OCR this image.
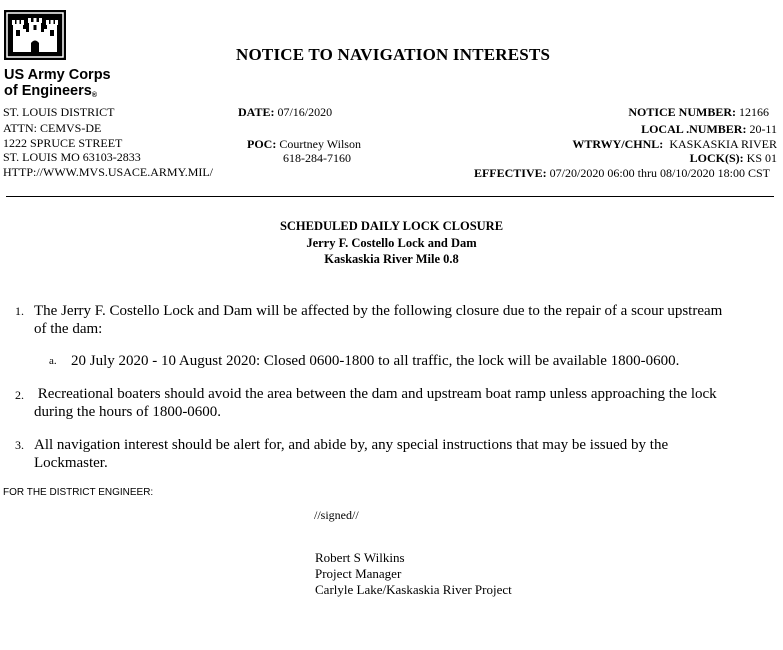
US Army Corps
of Engineers®
NOTICE TO NAVIGATION INTERESTS
ST. LOUIS DISTRICT
ATTN: CEMVS-DE
1222 SPRUCE STREET
ST. LOUIS MO 63103-2833
HTTP://WWW.MVS.USACE.ARMY.MIL/
DATE: 07/16/2020
POC: Courtney Wilson
618-284-7160
NOTICE NUMBER: 12166
LOCAL .NUMBER: 20-11
WTRWY/CHNL: KASKASKIA RIVER
LOCK(S): KS 01
EFFECTIVE: 07/20/2020 06:00 thru 08/10/2020 18:00 CST
SCHEDULED DAILY LOCK CLOSURE
Jerry F. Costello Lock and Dam
Kaskaskia River Mile 0.8
1. The Jerry F. Costello Lock and Dam will be affected by the following closure due to the repair of a scour upstream
of the dam:
a. 20 July 2020 - 10 August 2020: Closed 0600-1800 to all traffic, the lock will be available 1800-0600.
2. Recreational boaters should avoid the area between the dam and upstream boat ramp unless approaching the lock
during the hours of 1800-0600.
3. All navigation interest should be alert for, and abide by, any special instructions that may be issued by the
Lockmaster.
FOR THE DISTRICT ENGINEER:
//signed//
Robert S Wilkins
Project Manager
Carlyle Lake/Kaskaskia River Project
